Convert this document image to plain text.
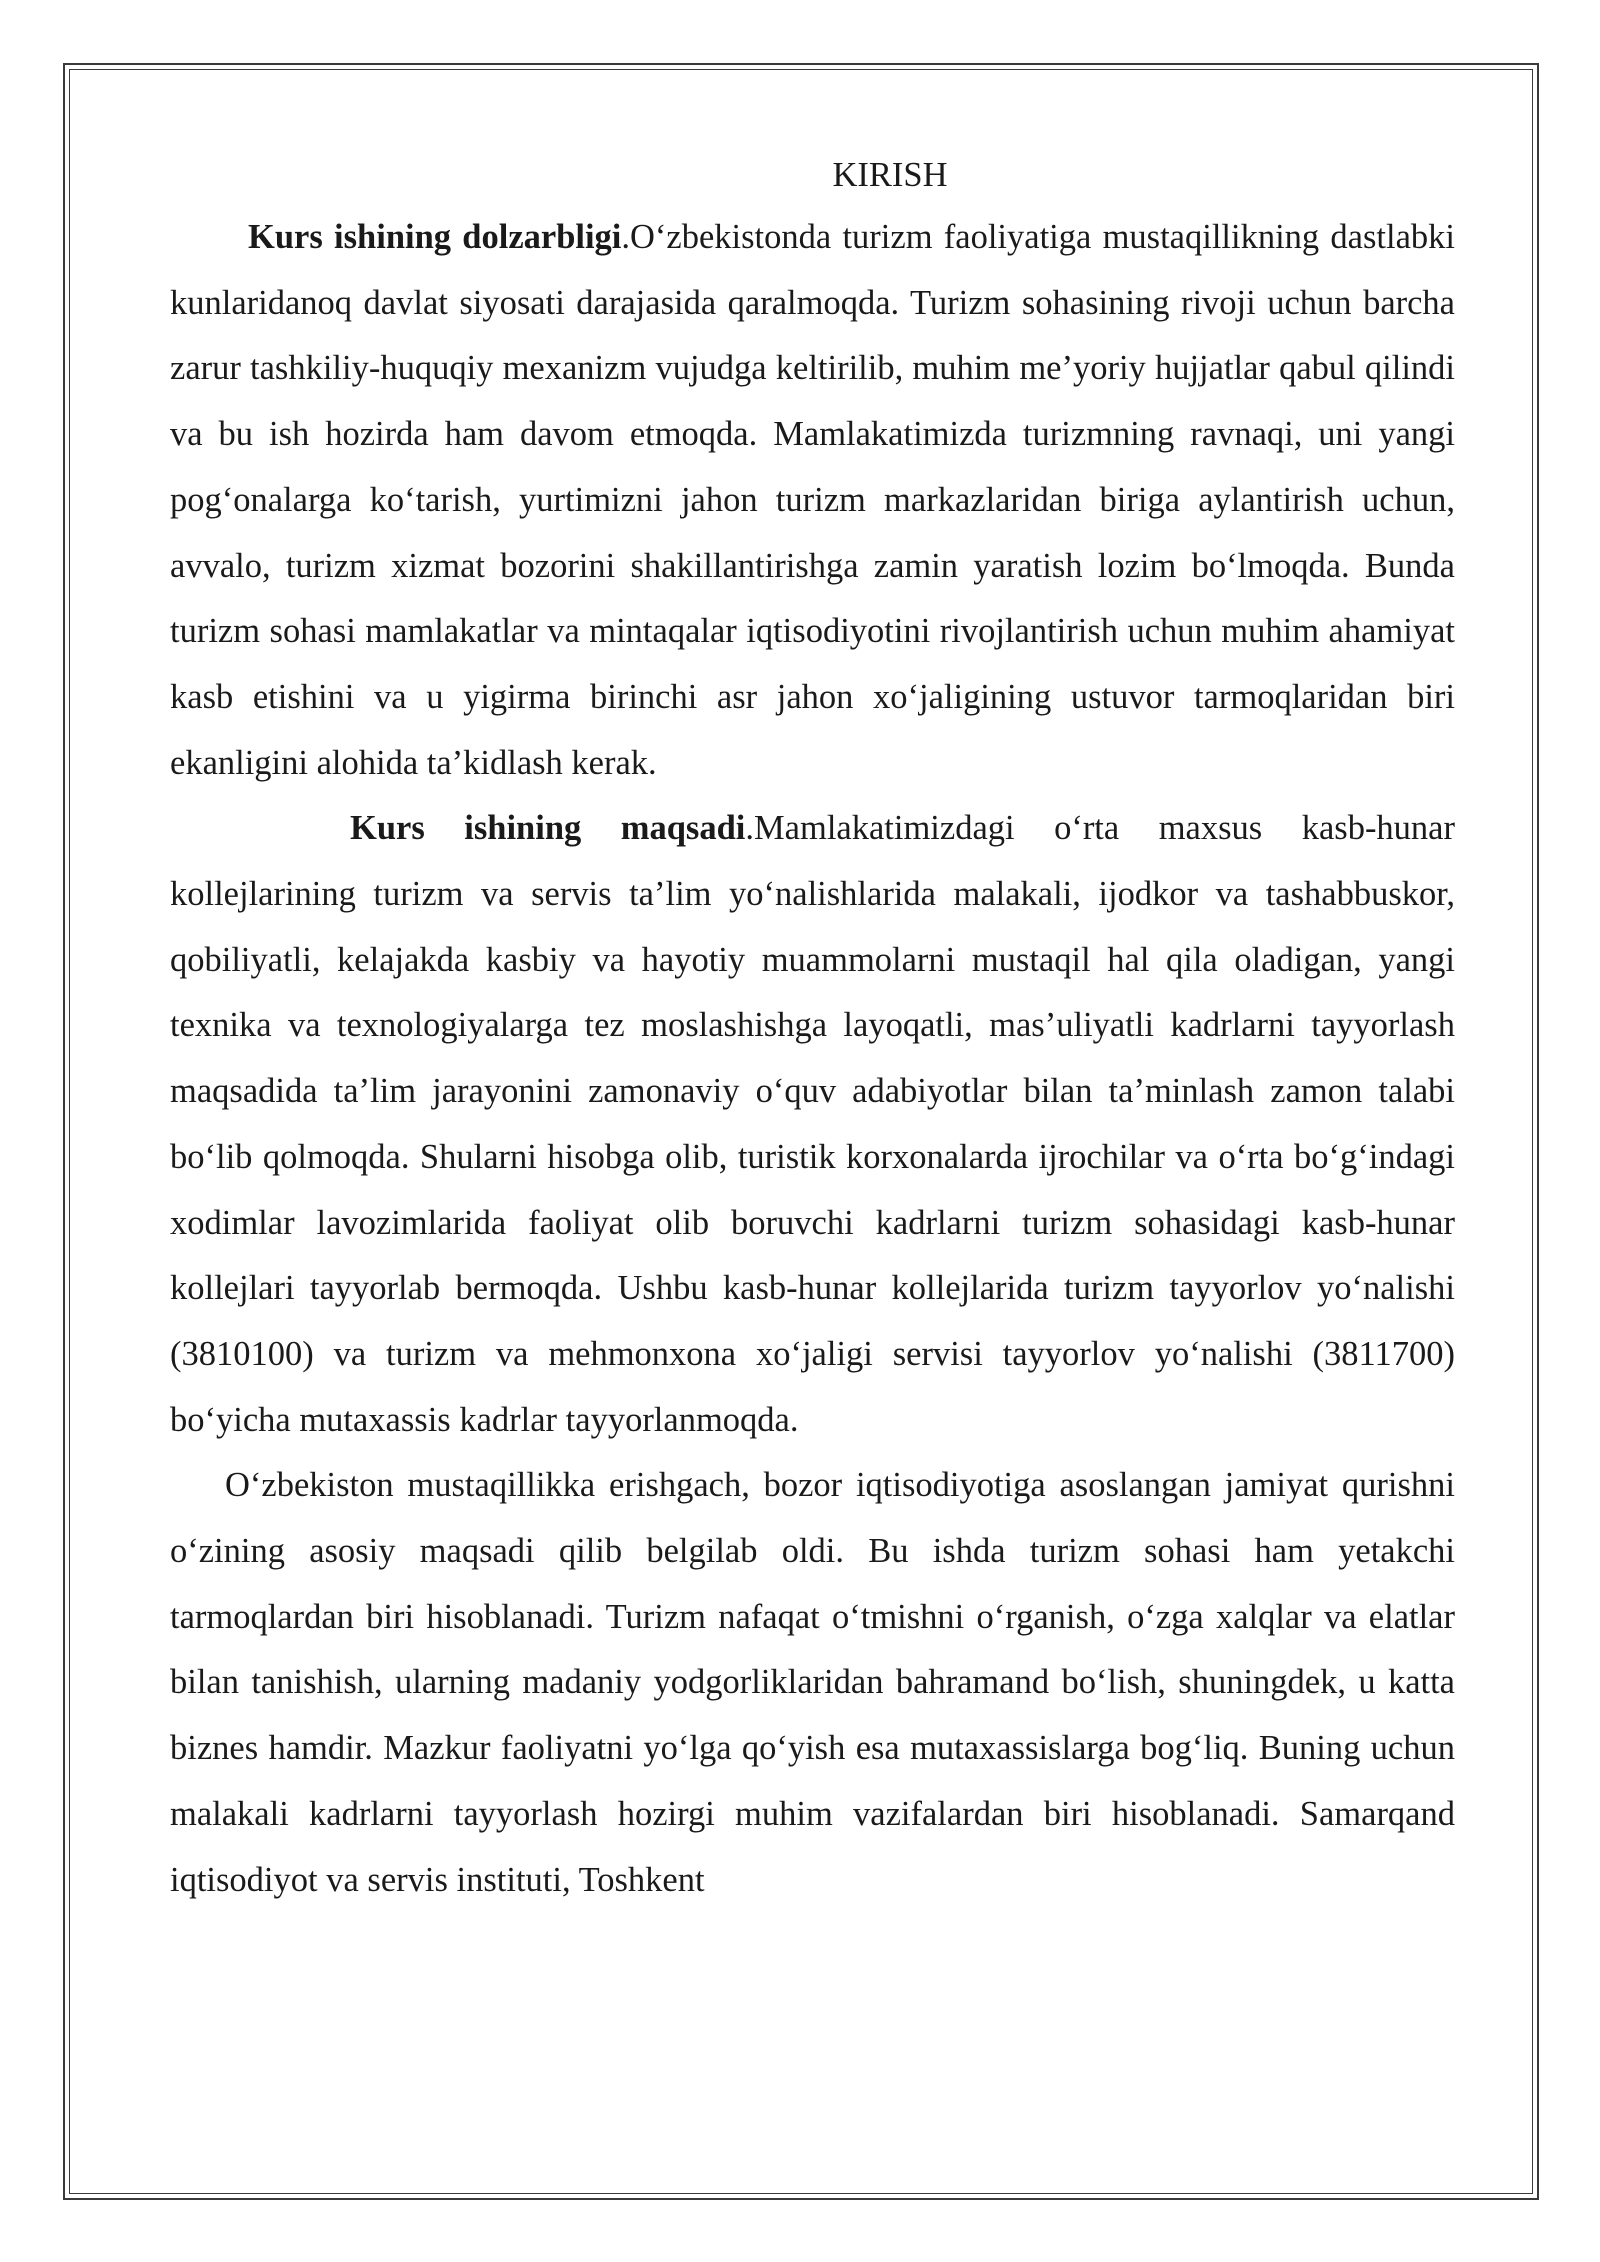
KIRISH

Kurs ishining dolzarbligi.O‘zbekistonda turizm faoliyatiga mustaqillikning dastlabki kunlaridanoq davlat siyosati darajasida qaralmoqda. Turizm sohasining rivoji uchun barcha zarur tashkiliy-huquqiy mexanizm vujudga keltirilib, muhim me’yoriy hujjatlar qabul qilindi va bu ish hozirda ham davom etmoqda. Mamlakatimizda turizmning ravnaqi, uni yangi pog‘onalarga ko‘tarish, yurtimizni jahon turizm markazlaridan biriga aylantirish uchun, avvalo, turizm xizmat bozorini shakillantirishga zamin yaratish lozim bo‘lmoqda. Bunda turizm sohasi mamlakatlar va mintaqalar iqtisodiyotini rivojlantirish uchun muhim ahamiyat kasb etishini va u yigirma birinchi asr jahon xo‘jaligining ustuvor tarmoqlaridan biri ekanligini alohida ta’kidlash kerak.

Kurs ishining maqsadi.Mamlakatimizdagi o‘rta maxsus kasb-hunar kollejlarining turizm va servis ta’lim yo‘nalishlarida malakali, ijodkor va tashabbuskor, qobiliyatli, kelajakda kasbiy va hayotiy muammolarni mustaqil hal qila oladigan, yangi texnika va texnologiyalarga tez moslashishga layoqatli, mas’uliyatli kadrlarni tayyorlash maqsadida ta’lim jarayonini zamonaviy o‘quv adabiyotlar bilan ta’minlash zamon talabi bo‘lib qolmoqda. Shularni hisobga olib, turistik korxonalarda ijrochilar va o‘rta bo‘g‘indagi xodimlar lavozimlarida faoliyat olib boruvchi kadrlarni turizm sohasidagi kasb-hunar kollejlari tayyorlab bermoqda. Ushbu kasb-hunar kollejlarida turizm tayyorlov yo‘nalishi (3810100) va turizm va mehmonxona xo‘jaligi servisi tayyorlov yo‘nalishi (3811700) bo‘yicha mutaxassis kadrlar tayyorlanmoqda.

O‘zbekiston mustaqillikka erishgach, bozor iqtisodiyotiga asoslangan jamiyat qurishni o‘zining asosiy maqsadi qilib belgilab oldi. Bu ishda turizm sohasi ham yetakchi tarmoqlardan biri hisoblanadi. Turizm nafaqat o‘tmishni o‘rganish, o‘zga xalqlar va elatlar bilan tanishish, ularning madaniy yodgorliklaridan bahramand bo‘lish, shuningdek, u katta biznes hamdir. Mazkur faoliyatni yo‘lga qo‘yish esa mutaxassislarga bog‘liq. Buning uchun malakali kadrlarni tayyorlash hozirgi muhim vazifalardan biri hisoblanadi. Samarqand iqtisodiyot va servis instituti, Toshkent
